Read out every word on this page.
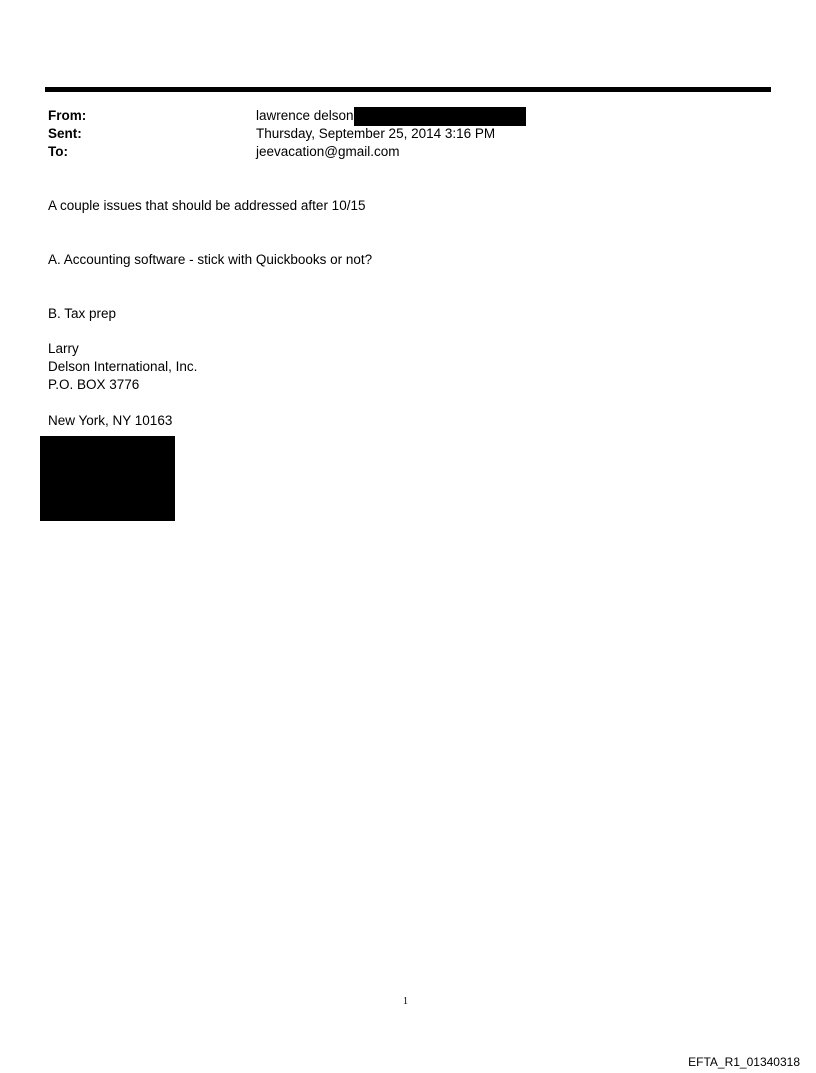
From:	lawrence delson
Sent:	Thursday, September 25, 2014 3:16 PM
To:	jeevacation@gmail.com
A couple issues that should be addressed after 10/15
A. Accounting software - stick with Quickbooks or not?
B. Tax prep
Larry
Delson International, Inc.
P.O. BOX 3776
New York, NY 10163
1
EFTA_R1_01340318
